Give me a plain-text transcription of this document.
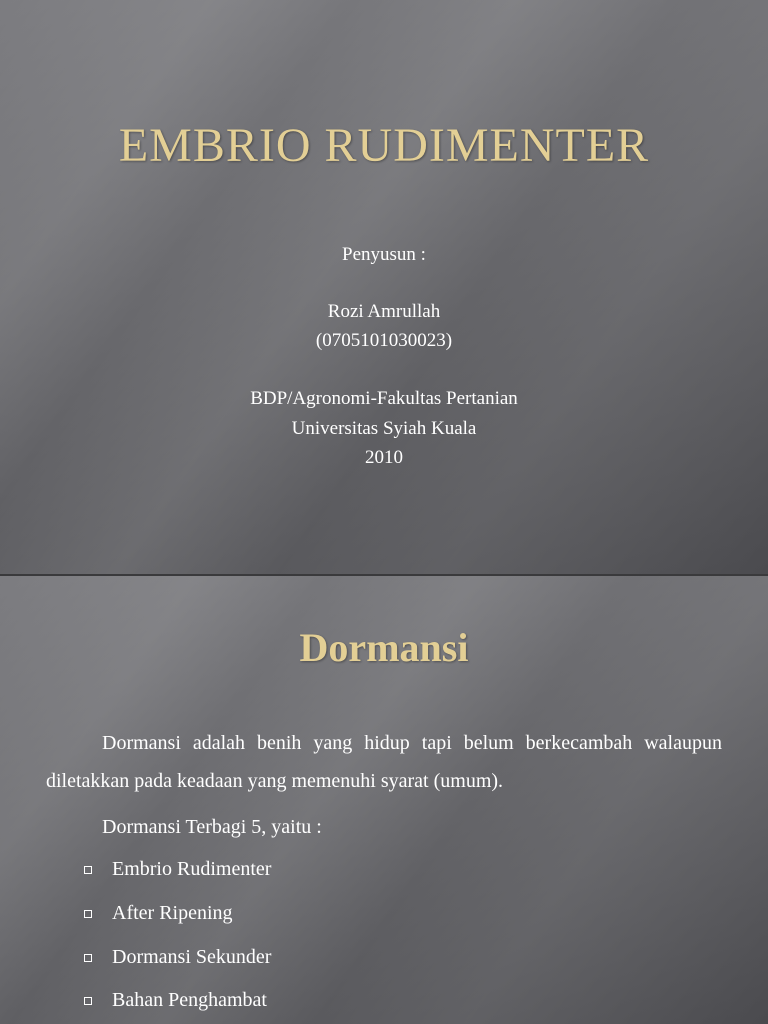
EMBRIO RUDIMENTER
Penyusun :
Rozi Amrullah
(0705101030023)
BDP/Agronomi-Fakultas Pertanian
Universitas Syiah Kuala
2010
Dormansi
Dormansi adalah benih yang hidup tapi belum berkecambah walaupun diletakkan pada keadaan yang memenuhi syarat (umum).
Dormansi Terbagi 5, yaitu :
Embrio Rudimenter
After Ripening
Dormansi Sekunder
Bahan Penghambat
